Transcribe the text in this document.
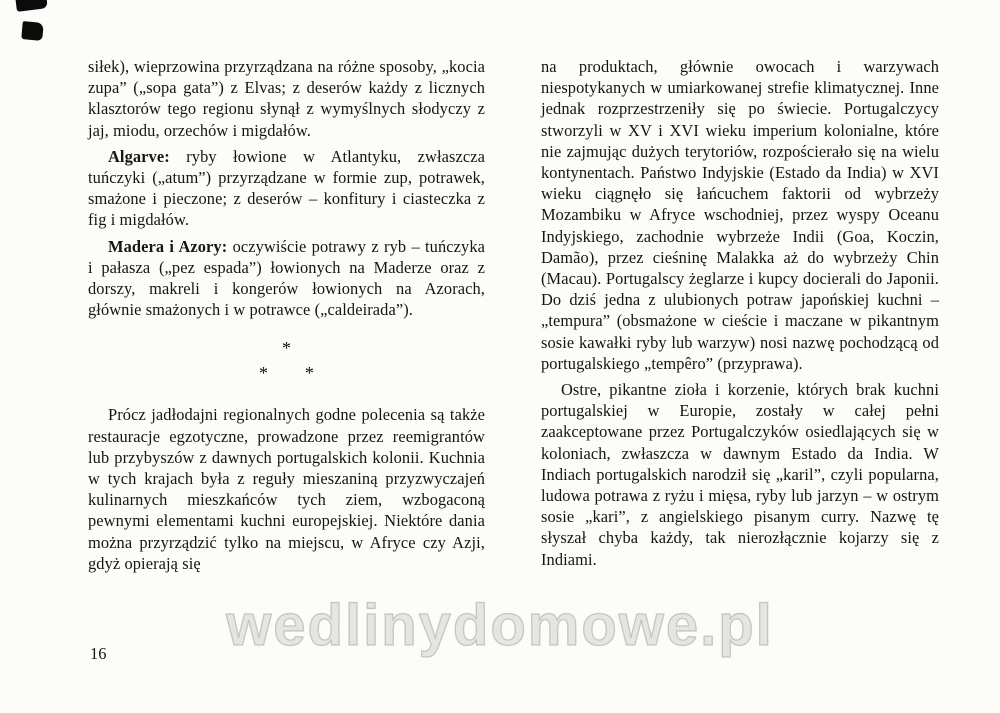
siłek), wieprzowina przyrządzana na różne sposoby, „kocia zupa” („sopa gata”) z Elvas; z deserów każdy z licznych klasztorów tego regionu słynął z wymyślnych słodyczy z jaj, miodu, orzechów i migdałów.

Algarve: ryby łowione w Atlantyku, zwłaszcza tuńczyki („atum”) przyrządzane w formie zup, potrawek, smażone i pieczone; z deserów – konfitury i ciasteczka z fig i migdałów.

Madera i Azory: oczywiście potrawy z ryb – tuńczyka i pałasza („pez espada”) łowionych na Maderze oraz z dorszy, makreli i kongerów łowionych na Azorach, głównie smażonych i w potrawce („caldeirada”).

*
*        *

Prócz jadłodajni regionalnych godne polecenia są także restauracje egzotyczne, prowadzone przez reemigrantów lub przybyszów z dawnych portugalskich kolonii. Kuchnia w tych krajach była z reguły mieszaniną przyzwyczajeń kulinarnych mieszkańców tych ziem, wzbogaconą pewnymi elementami kuchni europejskiej. Niektóre dania można przyrządzić tylko na miejscu, w Afryce czy Azji, gdyż opierają się

na produktach, głównie owocach i warzywach niespotykanych w umiarkowanej strefie klimatycznej. Inne jednak rozprzestrzeniły się po świecie. Portugalczycy stworzyli w XV i XVI wieku imperium kolonialne, które nie zajmując dużych terytoriów, rozpościerało się na wielu kontynentach. Państwo Indyjskie (Estado da India) w XVI wieku ciągnęło się łańcuchem faktorii od wybrzeży Mozambiku w Afryce wschodniej, przez wyspy Oceanu Indyjskiego, zachodnie wybrzeże Indii (Goa, Koczin, Damão), przez cieśninę Malakka aż do wybrzeży Chin (Macau). Portugalscy żeglarze i kupcy docierali do Japonii. Do dziś jedna z ulubionych potraw japońskiej kuchni – „tempura” (obsmażone w cieście i maczane w pikantnym sosie kawałki ryby lub warzyw) nosi nazwę pochodzącą od portugalskiego „tempêro” (przyprawa).

Ostre, pikantne zioła i korzenie, których brak kuchni portugalskiej w Europie, zostały w całej pełni zaakceptowane przez Portugalczyków osiedlających się w koloniach, zwłaszcza w dawnym Estado da India. W Indiach portugalskich narodził się „karil”, czyli popularna, ludowa potrawa z ryżu i mięsa, ryby lub jarzyn – w ostrym sosie „kari”, z angielskiego pisanym curry. Nazwę tę słyszał chyba każdy, tak nierozłącznie kojarzy się z Indiami.

16 wedlinydomowe.pl
